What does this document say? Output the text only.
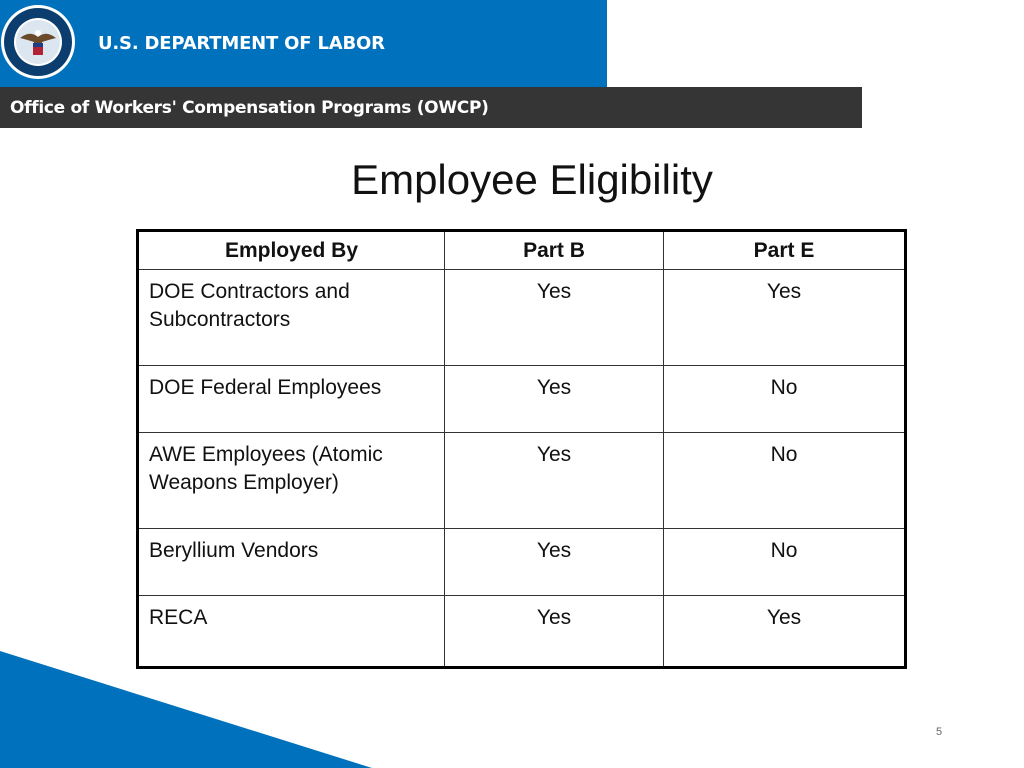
U.S. DEPARTMENT OF LABOR
Office of Workers' Compensation Programs (OWCP)
Employee Eligibility
Employed By	Part B	Part E
DOE Contractors and Subcontractors	Yes	Yes
DOE Federal Employees	Yes	No
AWE Employees (Atomic Weapons Employer)	Yes	No
Beryllium Vendors	Yes	No
RECA	Yes	Yes
5
